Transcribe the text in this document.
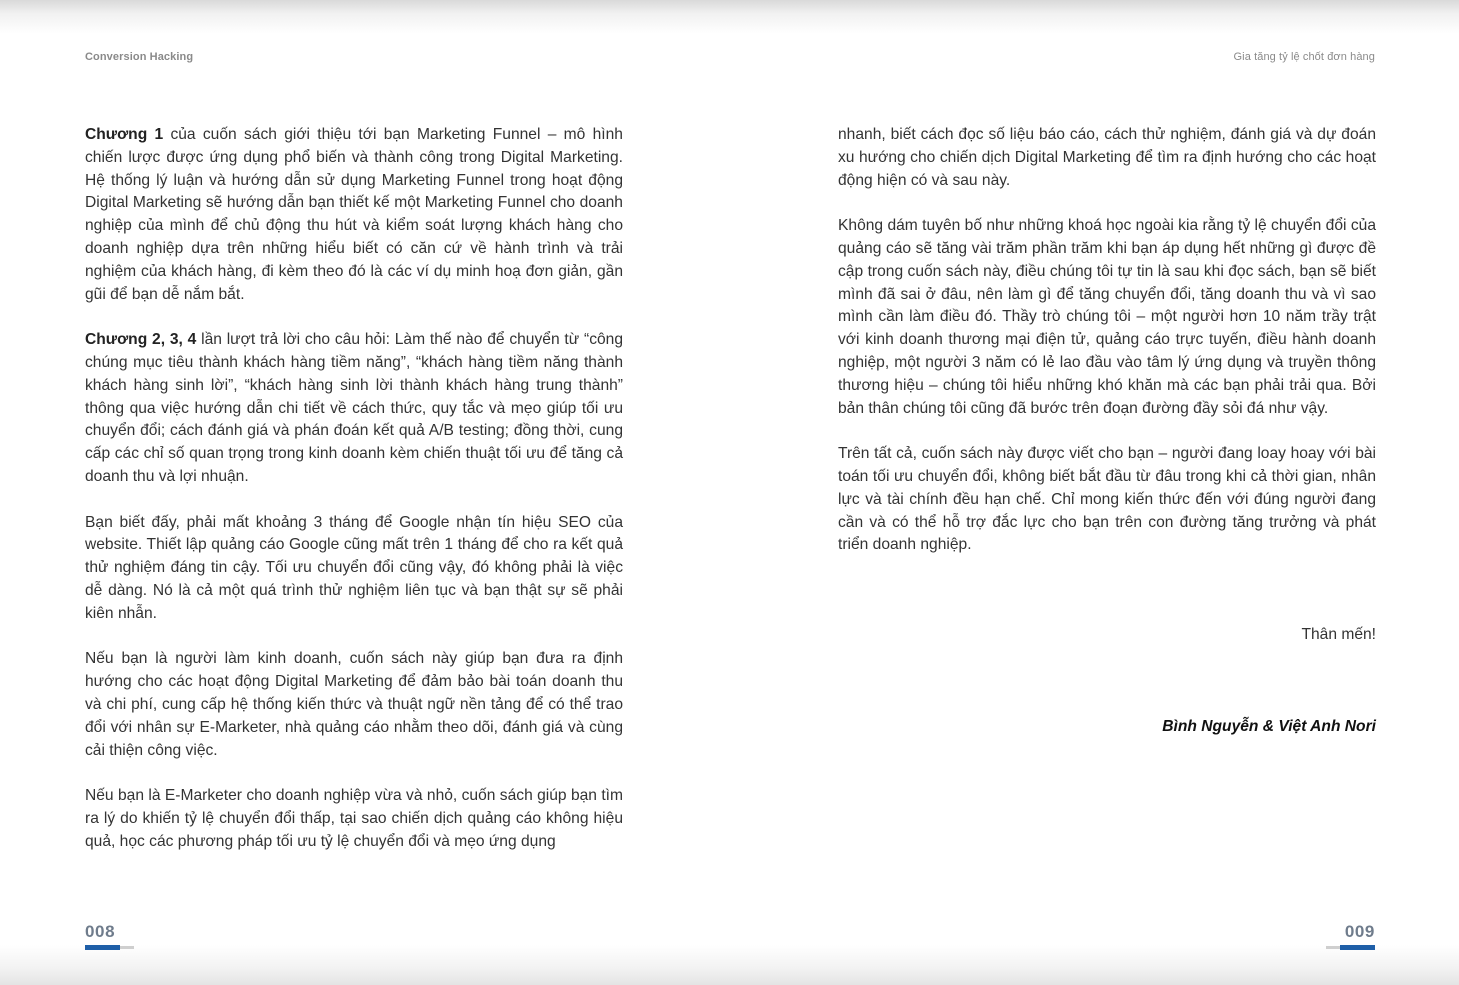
Conversion Hacking	Gia tăng tỷ lệ chốt đơn hàng

Chương 1 của cuốn sách giới thiệu tới bạn Marketing Funnel – mô hình chiến lược được ứng dụng phổ biến và thành công trong Digital Marketing. Hệ thống lý luận và hướng dẫn sử dụng Marketing Funnel trong hoạt động Digital Marketing sẽ hướng dẫn bạn thiết kế một Marketing Funnel cho doanh nghiệp của mình để chủ động thu hút và kiểm soát lượng khách hàng cho doanh nghiệp dựa trên những hiểu biết có căn cứ về hành trình và trải nghiệm của khách hàng, đi kèm theo đó là các ví dụ minh hoạ đơn giản, gần gũi để bạn dễ nắm bắt.

Chương 2, 3, 4 lần lượt trả lời cho câu hỏi: Làm thế nào để chuyển từ “công chúng mục tiêu thành khách hàng tiềm năng”, “khách hàng tiềm năng thành khách hàng sinh lời”, “khách hàng sinh lời thành khách hàng trung thành” thông qua việc hướng dẫn chi tiết về cách thức, quy tắc và mẹo giúp tối ưu chuyển đổi; cách đánh giá và phán đoán kết quả A/B testing; đồng thời, cung cấp các chỉ số quan trọng trong kinh doanh kèm chiến thuật tối ưu để tăng cả doanh thu và lợi nhuận.

Bạn biết đấy, phải mất khoảng 3 tháng để Google nhận tín hiệu SEO của website. Thiết lập quảng cáo Google cũng mất trên 1 tháng để cho ra kết quả thử nghiệm đáng tin cậy. Tối ưu chuyển đổi cũng vậy, đó không phải là việc dễ dàng. Nó là cả một quá trình thử nghiệm liên tục và bạn thật sự sẽ phải kiên nhẫn.

Nếu bạn là người làm kinh doanh, cuốn sách này giúp bạn đưa ra định hướng cho các hoạt động Digital Marketing để đảm bảo bài toán doanh thu và chi phí, cung cấp hệ thống kiến thức và thuật ngữ nền tảng để có thể trao đổi với nhân sự E-Marketer, nhà quảng cáo nhằm theo dõi, đánh giá và cùng cải thiện công việc.

Nếu bạn là E-Marketer cho doanh nghiệp vừa và nhỏ, cuốn sách giúp bạn tìm ra lý do khiến tỷ lệ chuyển đổi thấp, tại sao chiến dịch quảng cáo không hiệu quả, học các phương pháp tối ưu tỷ lệ chuyển đổi và mẹo ứng dụng

008

nhanh, biết cách đọc số liệu báo cáo, cách thử nghiệm, đánh giá và dự đoán xu hướng cho chiến dịch Digital Marketing để tìm ra định hướng cho các hoạt động hiện có và sau này.

Không dám tuyên bố như những khoá học ngoài kia rằng tỷ lệ chuyển đổi của quảng cáo sẽ tăng vài trăm phần trăm khi bạn áp dụng hết những gì được đề cập trong cuốn sách này, điều chúng tôi tự tin là sau khi đọc sách, bạn sẽ biết mình đã sai ở đâu, nên làm gì để tăng chuyển đổi, tăng doanh thu và vì sao mình cần làm điều đó. Thầy trò chúng tôi – một người hơn 10 năm trầy trật với kinh doanh thương mại điện tử, quảng cáo trực tuyến, điều hành doanh nghiệp, một người 3 năm có lẻ lao đầu vào tâm lý ứng dụng và truyền thông thương hiệu – chúng tôi hiểu những khó khăn mà các bạn phải trải qua. Bởi bản thân chúng tôi cũng đã bước trên đoạn đường đầy sỏi đá như vậy.

Trên tất cả, cuốn sách này được viết cho bạn – người đang loay hoay với bài toán tối ưu chuyển đổi, không biết bắt đầu từ đâu trong khi cả thời gian, nhân lực và tài chính đều hạn chế. Chỉ mong kiến thức đến với đúng người đang cần và có thể hỗ trợ đắc lực cho bạn trên con đường tăng trưởng và phát triển doanh nghiệp.

Thân mến!

Bình Nguyễn & Việt Anh Nori

009
